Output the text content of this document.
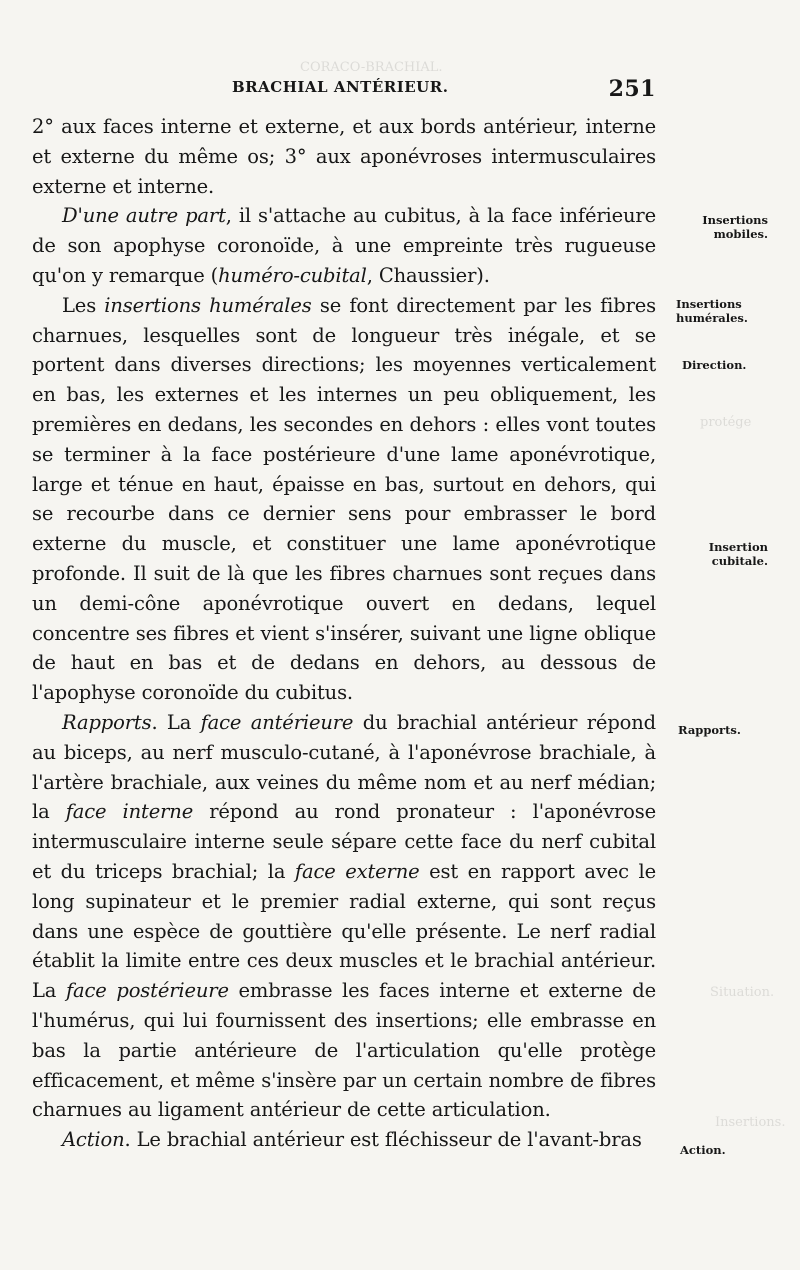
CORACO-BRACHIAL.
protége
Situation.
Insertions.
BRACHIAL ANTÉRIEUR.	251

2° aux faces interne et externe, et aux bords antérieur, interne et externe du même os; 3° aux aponévroses intermusculaires externe et interne.

D'une autre part, il s'attache au cubitus, à la face inférieure de son apophyse coronoïde, à une empreinte très rugueuse qu'on y remarque (huméro-cubital, Chaussier).

Les insertions humérales se font directement par les fibres charnues, lesquelles sont de longueur très inégale, et se portent dans diverses directions; les moyennes verticalement en bas, les externes et les internes un peu obliquement, les premières en dedans, les secondes en dehors : elles vont toutes se terminer à la face postérieure d'une lame aponévrotique, large et ténue en haut, épaisse en bas, surtout en dehors, qui se recourbe dans ce dernier sens pour embrasser le bord externe du muscle, et constituer une lame aponévrotique profonde. Il suit de là que les fibres charnues sont reçues dans un demi-cône aponévrotique ouvert en dedans, lequel concentre ses fibres et vient s'insérer, suivant une ligne oblique de haut en bas et de dedans en dehors, au dessous de l'apophyse coronoïde du cubitus.

Rapports. La face antérieure du brachial antérieur répond au biceps, au nerf musculo-cutané, à l'aponévrose brachiale, à l'artère brachiale, aux veines du même nom et au nerf médian; la face interne répond au rond pronateur : l'aponévrose intermusculaire interne seule sépare cette face du nerf cubital et du triceps brachial; la face externe est en rapport avec le long supinateur et le premier radial externe, qui sont reçus dans une espèce de gouttière qu'elle présente. Le nerf radial établit la limite entre ces deux muscles et le brachial antérieur. La face postérieure embrasse les faces interne et externe de l'humérus, qui lui fournissent des insertions; elle embrasse en bas la partie antérieure de l'articulation qu'elle protège efficacement, et même s'insère par un certain nombre de fibres charnues au ligament antérieur de cette articulation.

Action. Le brachial antérieur est fléchisseur de l'avant-bras

Insertions mobiles.
Insertions humérales.
Direction.
Insertion cubitale.
Rapports.
Action.
